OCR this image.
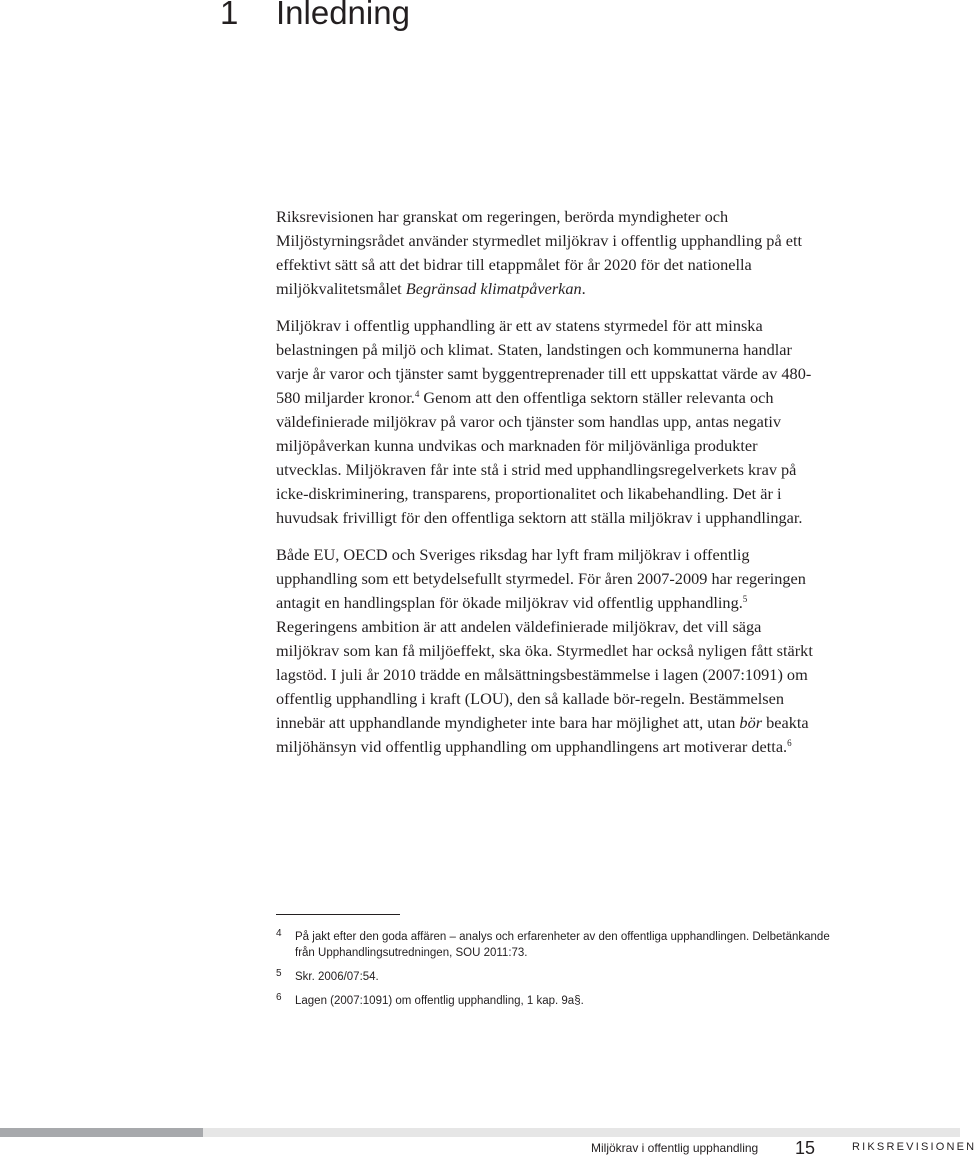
1 Inledning

Riksrevisionen har granskat om regeringen, berörda myndigheter och Miljöstyrningsrådet använder styrmedlet miljökrav i offentlig upphandling på ett effektivt sätt så att det bidrar till etappmålet för år 2020 för det nationella miljökvalitetsmålet Begränsad klimatpåverkan.

Miljökrav i offentlig upphandling är ett av statens styrmedel för att minska belastningen på miljö och klimat. Staten, landstingen och kommunerna handlar varje år varor och tjänster samt byggentreprenader till ett uppskattat värde av 480-580 miljarder kronor.$^4$ Genom att den offentliga sektorn ställer relevanta och väldefinierade miljökrav på varor och tjänster som handlas upp, antas negativ miljöpåverkan kunna undvikas och marknaden för miljövänliga produkter utvecklas. Miljökraven får inte stå i strid med upphandlingsregelverkets krav på icke-diskriminering, transparens, proportionalitet och likabehandling. Det är i huvudsak frivilligt för den offentliga sektorn att ställa miljökrav i upphandlingar.

Både EU, OECD och Sveriges riksdag har lyft fram miljökrav i offentlig upphandling som ett betydelsefullt styrmedel. För åren 2007-2009 har regeringen antagit en handlingsplan för ökade miljökrav vid offentlig upphandling.$^5$ Regeringens ambition är att andelen väldefinierade miljökrav, det vill säga miljökrav som kan få miljöeffekt, ska öka. Styrmedlet har också nyligen fått stärkt lagstöd. I juli år 2010 trädde en målsättningsbestämmelse i lagen (2007:1091) om offentlig upphandling i kraft (LOU), den så kallade bör-regeln. Bestämmelsen innebär att upphandlande myndigheter inte bara har möjlighet att, utan bör beakta miljöhänsyn vid offentlig upphandling om upphandlingens art motiverar detta.$^6$

4 På jakt efter den goda affären – analys och erfarenheter av den offentliga upphandlingen. Delbetänkande från Upphandlingsutredningen, SOU 2011:73.
5 Skr. 2006/07:54.
6 Lagen (2007:1091) om offentlig upphandling, 1 kap. 9a§.
Miljökrav i offentlig upphandling 15	RIKSREVISIONEN
